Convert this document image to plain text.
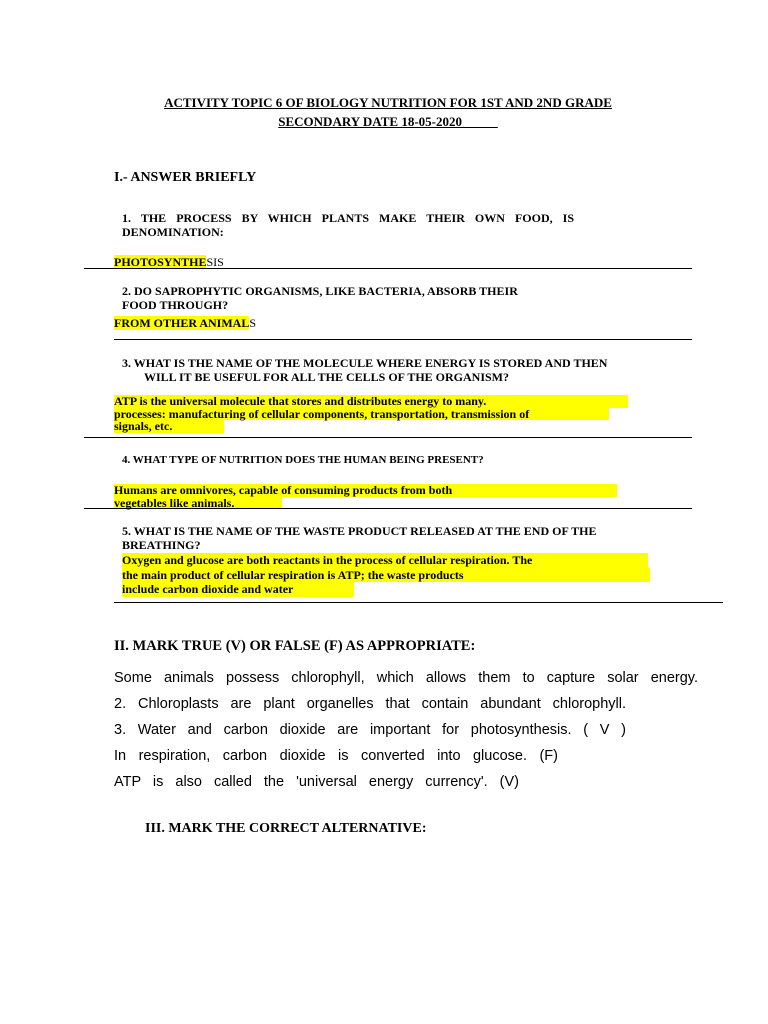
ACTIVITY TOPIC 6 OF BIOLOGY NUTRITION FOR 1ST AND 2ND GRADE
SECONDARY DATE 18-05-2020
I.- ANSWER BRIEFLY
1. THE PROCESS BY WHICH PLANTS MAKE THEIR OWN FOOD, IS
DENOMINATION:
PHOTOSYNTHESIS
2. DO SAPROPHYTIC ORGANISMS, LIKE BACTERIA, ABSORB THEIR
FOOD THROUGH?
FROM OTHER ANIMALS
3. WHAT IS THE NAME OF THE MOLECULE WHERE ENERGY IS STORED AND THEN
WILL IT BE USEFUL FOR ALL THE CELLS OF THE ORGANISM?
ATP is the universal molecule that stores and distributes energy to many.
processes: manufacturing of cellular components, transportation, transmission of
signals, etc.
4. WHAT TYPE OF NUTRITION DOES THE HUMAN BEING PRESENT?
Humans are omnivores, capable of consuming products from both
vegetables like animals.
5. WHAT IS THE NAME OF THE WASTE PRODUCT RELEASED AT THE END OF THE
BREATHING?
Oxygen and glucose are both reactants in the process of cellular respiration. The
the main product of cellular respiration is ATP; the waste products
include carbon dioxide and water
II. MARK TRUE (V) OR FALSE (F) AS APPROPRIATE:
Some animals possess chlorophyll, which allows them to capture solar energy.
2. Chloroplasts are plant organelles that contain abundant chlorophyll.
3. Water and carbon dioxide are important for photosynthesis. ( V )
In respiration, carbon dioxide is converted into glucose. (F)
ATP is also called the 'universal energy currency'. (V)
III. MARK THE CORRECT ALTERNATIVE:
